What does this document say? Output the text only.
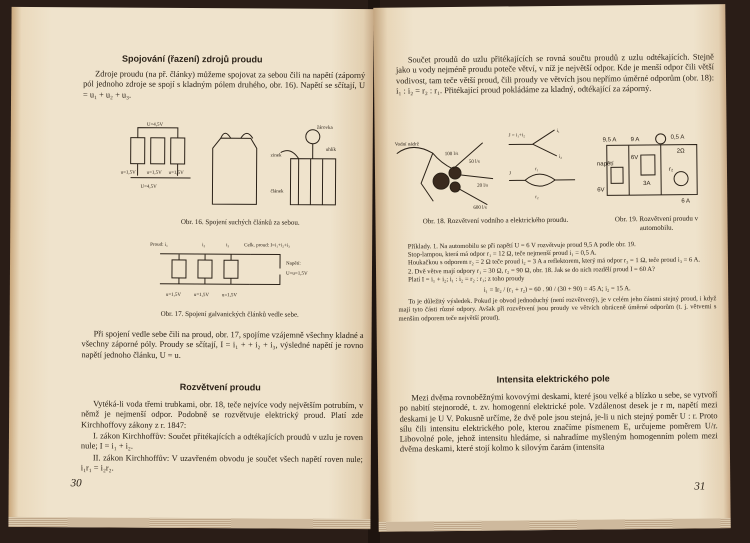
Spojování (řazení) zdrojů proudu

Zdroje proudu (na př. články) můžeme spojovat za sebou čili na napětí (záporný pól jednoho zdroje se spojí s kladným pólem druhého, obr. 16). Napětí se sčítají, U = u₁ + u₂ + u₃.

U=4,5V
u=1,5V u=1,5V u=1,5V
U=4,5V
žárovka
uhlík
zinek
článek
Obr. 16. Spojení suchých článků za sebou.
Proud: i₁	i₂	i₃	Celk. proud: I=i₁+i₂+i₃
Napětí:
U=u=1,5V
u=1,5V	u=1,5V	u=1,5V
Obr. 17. Spojení galvanických článků vedle sebe.

Při spojení vedle sebe čili na proud, obr. 17, spojíme vzájemně všechny kladné a všechny záporné póly. Proudy se sčítají, I = i₁ + + i₂ + i₃, výsledné napětí je rovno napětí jednoho článku, U = u.

Rozvětvení proudu

Vytéká-li voda třemi trubkami, obr. 18, teče nejvíce vody největším potrubím, v němž je nejmenší odpor. Podobně se rozvětvuje elektrický proud. Platí zde Kirchhoffovy zákony z r. 1847:

I. zákon Kirchhoffův: Součet přitékajících a odtékajících proudů v uzlu je roven nule; I = i₁ + i₂.

II. zákon Kirchhoffův: V uzavřeném obvodu je součet všech napětí roven nule; i₁r₁ = i₂r₂.

30

Součet proudů do uzlu přitékajících se rovná součtu proudů z uzlu odtékajících. Stejně jako u vody nejméně proudu poteče větví, v níž je největší odpor. Kde je menší odpor čili větší vodivost, tam teče větší proud, čili proudy ve větvích jsou nepřímo úměrné odporům (obr. 18): i₁ : i₂ = r₂ : r₁. Přitékající proud pokládáme za kladný, odtékající za záporný.

Vodní nádrž
100 l/s
50 l/s
20 l/s
600 l/s
J = i₁+i₂
i₁
i₂
r₁
r₂
J
0,5 A
9,5 A 9 A
6V
2Ω
3A
r₂
6 A
napětí
6V
Obr. 18. Rozvětvení vodního a elektrického proudu.	Obr. 19. Rozvětvení proudu v automobilu.

Příklady. 1. Na automobilu se při napětí U = 6 V rozvětvuje proud 9,5 A podle obr. 19.

Stop-lampou, která má odpor r₁ = 12 Ω, teče nejmenší proud i₁ = 0,5 A.

Houkačkou s odporem r₂ = 2 Ω teče proud i₂ = 3 A a reflektorem, který má odpor r₃ = 1 Ω, teče proud i₃ = 6 A.

2. Dvě větve mají odpory r₁ = 30 Ω, r₂ = 90 Ω, obr. 18. Jak se do nich rozdělí proud I = 60 A?

Platí I = i₁ + i₂; i₁ : i₂ = r₂ : r₁; z toho proudy

i₁ = Ir₂ / (r₁ + r₂) = 60 . 90 / (30 + 90) = 45 A; i₂ = 15 A.

To je důležitý výsledek. Pokud je obvod jednoduchý (není rozvětvený), je v celém jeho částmi stejný proud, i když mají tyto části různé odpory. Avšak při rozvětvení jsou proudy ve větvích obráceně úměrné odporům (t. j. větvemi s menším odporem teče největší proud).

Intensita elektrického pole

Mezi dvěma rovnoběžnými kovovými deskami, které jsou velké a blízko u sebe, se vytvoří po nabití stejnorodé, t. zv. homogenní elektrické pole. Vzdálenost desek je r m, napětí mezi deskami je U V. Pokusně určíme, že dvě pole jsou stejná, je-li u nich stejný poměr U : r. Proto sílu čili intensitu elektrického pole, kterou značíme písmenem E, určujeme poměrem U/r. Libovolné pole, jehož intensitu hledáme, si nahradíme myšleným homogenním polem mezi dvěma deskami, které stojí kolmo k silovým čarám (intensita

31
